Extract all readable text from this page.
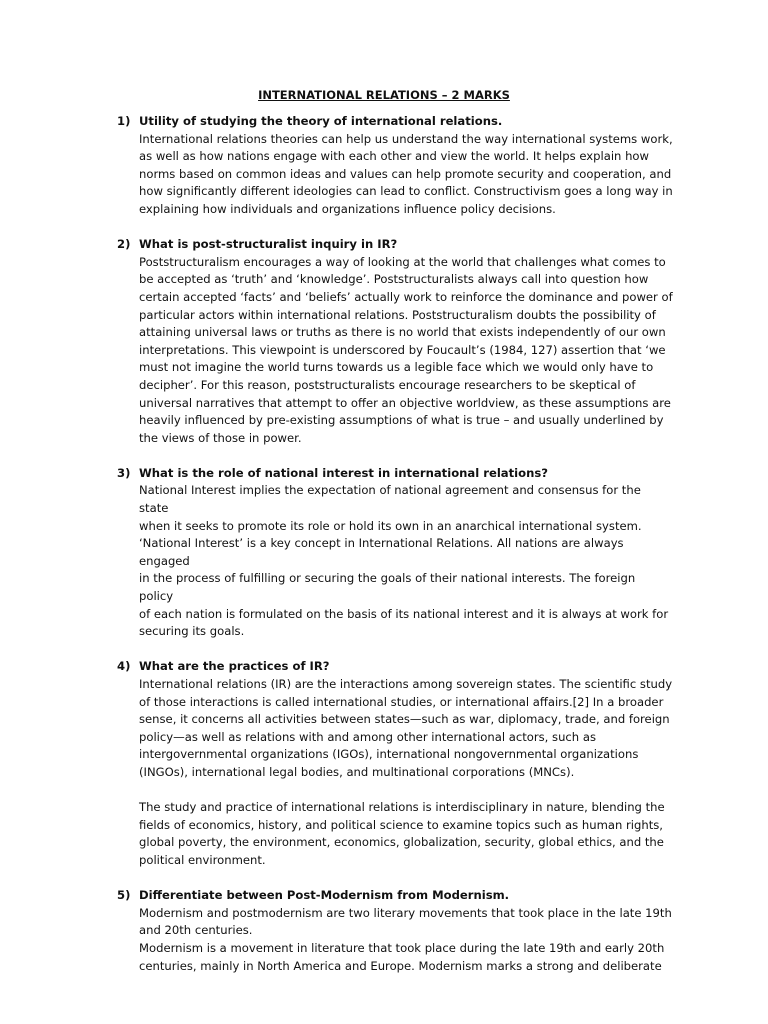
INTERNATIONAL RELATIONS – 2 MARKS
1) Utility of studying the theory of international relations.

International relations theories can help us understand the way international systems work,
as well as how nations engage with each other and view the world. It helps explain how
norms based on common ideas and values can help promote security and cooperation, and
how significantly different ideologies can lead to conflict. Constructivism goes a long way in
explaining how individuals and organizations influence policy decisions.

2) What is post-structuralist inquiry in IR?

Poststructuralism encourages a way of looking at the world that challenges what comes to
be accepted as ‘truth’ and ‘knowledge’. Poststructuralists always call into question how
certain accepted ‘facts’ and ‘beliefs’ actually work to reinforce the dominance and power of
particular actors within international relations. Poststructuralism doubts the possibility of
attaining universal laws or truths as there is no world that exists independently of our own
interpretations. This viewpoint is underscored by Foucault’s (1984, 127) assertion that ‘we
must not imagine the world turns towards us a legible face which we would only have to
decipher’. For this reason, poststructuralists encourage researchers to be skeptical of
universal narratives that attempt to offer an objective worldview, as these assumptions are
heavily influenced by pre-existing assumptions of what is true – and usually underlined by
the views of those in power.

3) What is the role of national interest in international relations?

National Interest implies the expectation of national agreement and consensus for the state
when it seeks to promote its role or hold its own in an anarchical international system.
‘National Interest’ is a key concept in International Relations. All nations are always engaged
in the process of fulfilling or securing the goals of their national interests. The foreign policy
of each nation is formulated on the basis of its national interest and it is always at work for
securing its goals.

4) What are the practices of IR?

International relations (IR) are the interactions among sovereign states. The scientific study
of those interactions is called international studies, or international affairs.[2] In a broader
sense, it concerns all activities between states—such as war, diplomacy, trade, and foreign
policy—as well as relations with and among other international actors, such as
intergovernmental organizations (IGOs), international nongovernmental organizations
(INGOs), international legal bodies, and multinational corporations (MNCs).

The study and practice of international relations is interdisciplinary in nature, blending the
fields of economics, history, and political science to examine topics such as human rights,
global poverty, the environment, economics, globalization, security, global ethics, and the
political environment.

5) Differentiate between Post-Modernism from Modernism.

Modernism and postmodernism are two literary movements that took place in the late 19th
and 20th centuries.

Modernism is a movement in literature that took place during the late 19th and early 20th
centuries, mainly in North America and Europe. Modernism marks a strong and deliberate
